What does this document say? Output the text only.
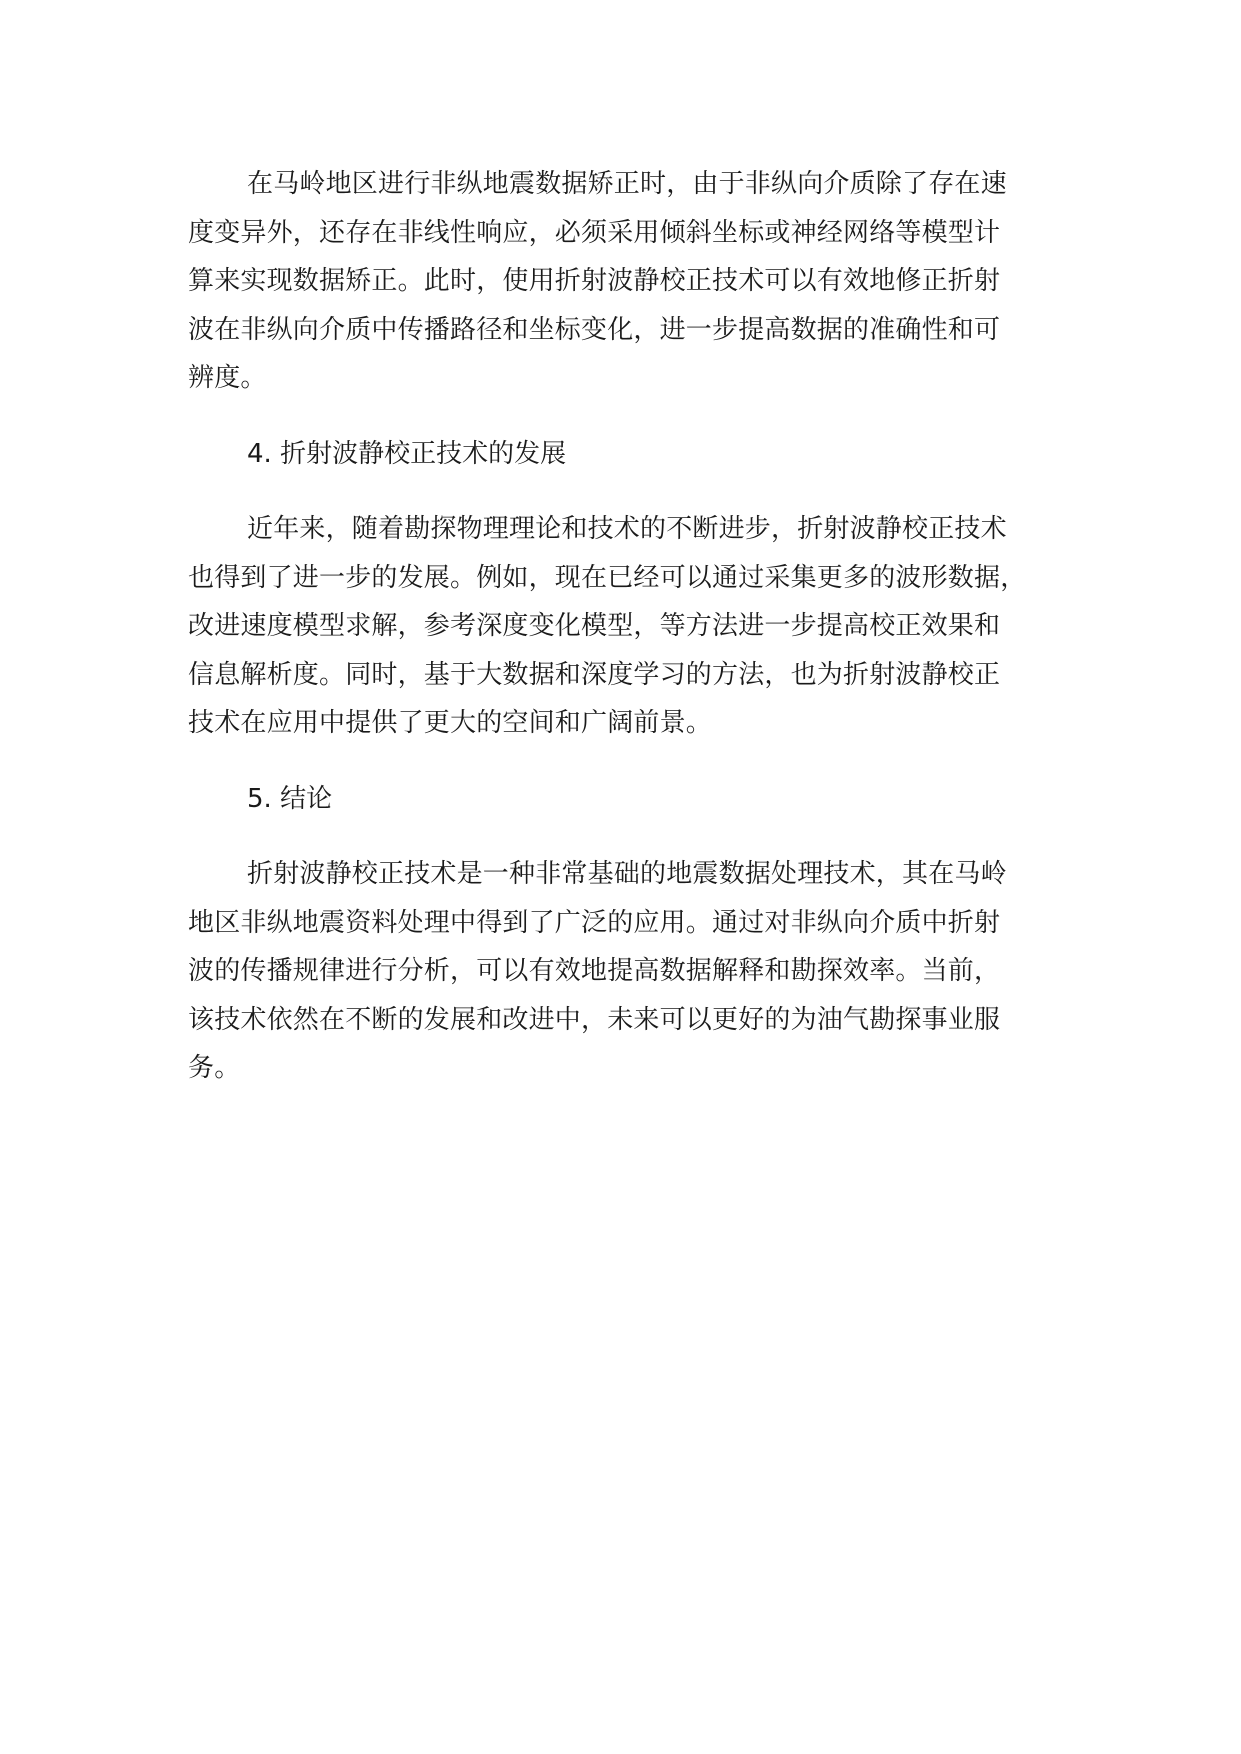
在马岭地区进行非纵地震数据矫正时，由于非纵向介质除了存在速
度变异外，还存在非线性响应，必须采用倾斜坐标或神经网络等模型计
算来实现数据矫正。此时，使用折射波静校正技术可以有效地修正折射
波在非纵向介质中传播路径和坐标变化，进一步提高数据的准确性和可
辨度。

4. 折射波静校正技术的发展

近年来，随着勘探物理理论和技术的不断进步，折射波静校正技术
也得到了进一步的发展。例如，现在已经可以通过采集更多的波形数据，
改进速度模型求解，参考深度变化模型，等方法进一步提高校正效果和
信息解析度。同时，基于大数据和深度学习的方法，也为折射波静校正
技术在应用中提供了更大的空间和广阔前景。

5. 结论

折射波静校正技术是一种非常基础的地震数据处理技术，其在马岭
地区非纵地震资料处理中得到了广泛的应用。通过对非纵向介质中折射
波的传播规律进行分析，可以有效地提高数据解释和勘探效率。当前，
该技术依然在不断的发展和改进中，未来可以更好的为油气勘探事业服
务。
